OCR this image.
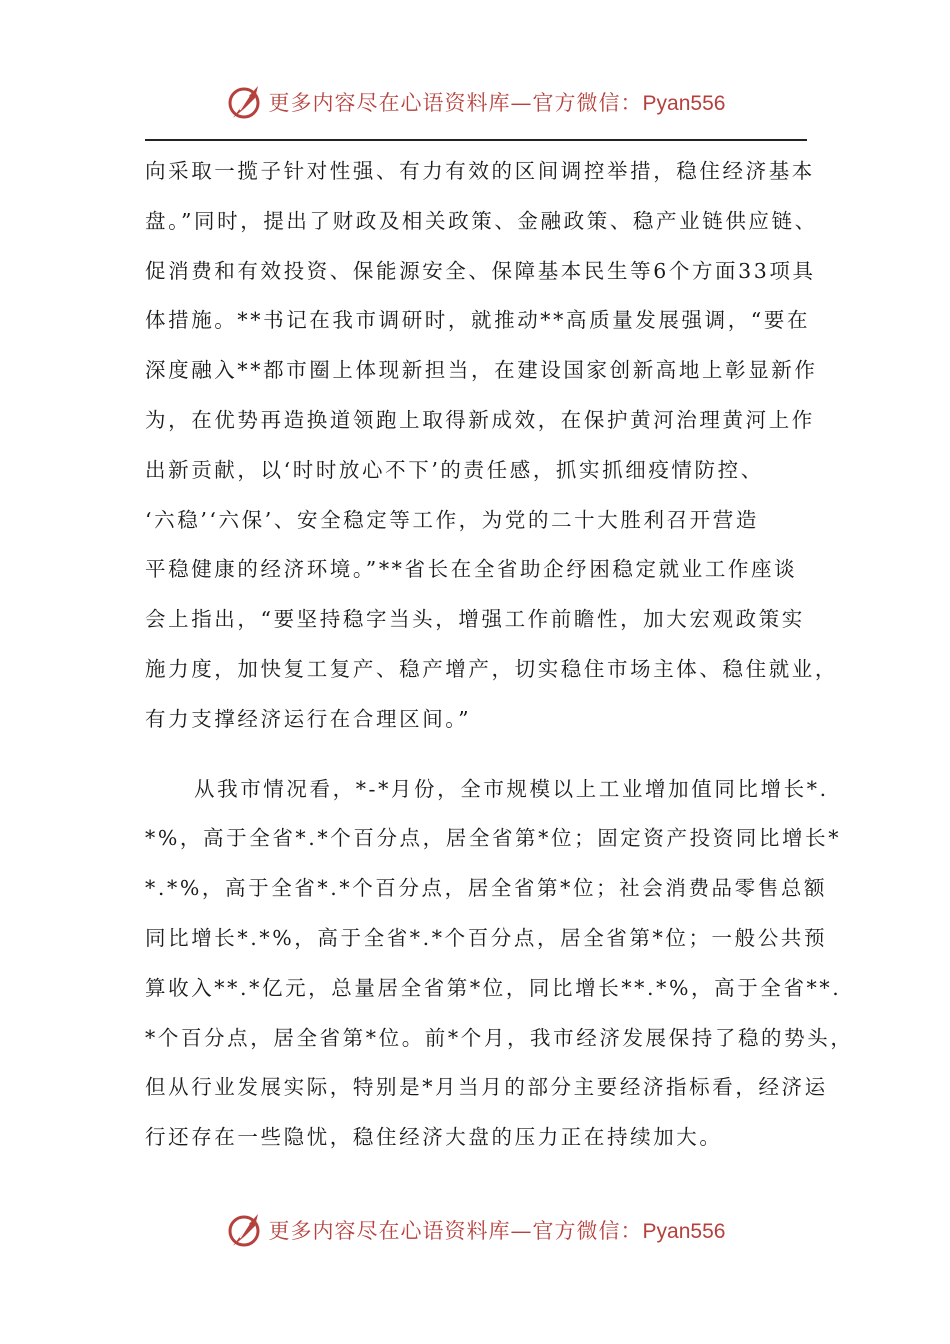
更多内容尽在心语资料库—官方微信：Pyan556
向采取一揽子针对性强、有力有效的区间调控举措，稳住经济基本
盘。”同时，提出了财政及相关政策、金融政策、稳产业链供应链、
促消费和有效投资、保能源安全、保障基本民生等6个方面33项具
体措施。**书记在我市调研时，就推动**高质量发展强调，“要在
深度融入**都市圈上体现新担当，在建设国家创新高地上彰显新作
为，在优势再造换道领跑上取得新成效，在保护黄河治理黄河上作
出新贡献，以‘时时放心不下’的责任感，抓实抓细疫情防控、
‘六稳’‘六保’、安全稳定等工作，为党的二十大胜利召开营造
平稳健康的经济环境。”**省长在全省助企纾困稳定就业工作座谈
会上指出，“要坚持稳字当头，增强工作前瞻性，加大宏观政策实
施力度，加快复工复产、稳产增产，切实稳住市场主体、稳住就业，
有力支撑经济运行在合理区间。”
从我市情况看，*-*月份，全市规模以上工业增加值同比增长*.
*%，高于全省*.*个百分点，居全省第*位；固定资产投资同比增长*
*.*%，高于全省*.*个百分点，居全省第*位；社会消费品零售总额
同比增长*.*%，高于全省*.*个百分点，居全省第*位；一般公共预
算收入**.*亿元，总量居全省第*位，同比增长**.*%，高于全省**.
*个百分点，居全省第*位。前*个月，我市经济发展保持了稳的势头，
但从行业发展实际，特别是*月当月的部分主要经济指标看，经济运
行还存在一些隐忧，稳住经济大盘的压力正在持续加大。
更多内容尽在心语资料库—官方微信：Pyan556
